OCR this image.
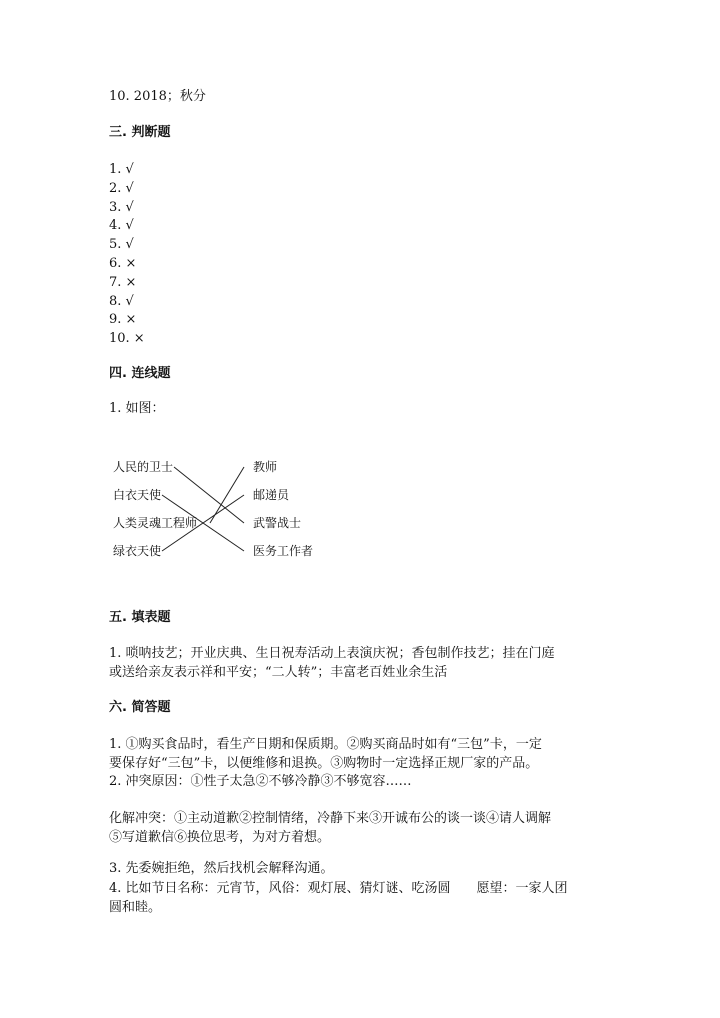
10. 2018；秋分
三. 判断题
1. √
2. √
3. √
4. √
5. √
6. ×
7. ×
8. √
9. ×
10. ×
四. 连线题
1. 如图：
人民的卫士
白衣天使
人类灵魂工程师
绿衣天使
教师
邮递员
武警战士
医务工作者
五. 填表题
1. 唢呐技艺；开业庆典、生日祝寿活动上表演庆祝；香包制作技艺；挂在门庭
或送给亲友表示祥和平安；“二人转”；丰富老百姓业余生活
六. 简答题
1. ①购买食品时，看生产日期和保质期。②购买商品时如有“三包”卡，一定
要保存好“三包”卡，以便维修和退换。③购物时一定选择正规厂家的产品。
2. 冲突原因：①性子太急②不够冷静③不够宽容……
化解冲突：①主动道歉②控制情绪，冷静下来③开诚布公的谈一谈④请人调解
⑤写道歉信⑥换位思考，为对方着想。
3. 先委婉拒绝，然后找机会解释沟通。
4. 比如节日名称：元宵节，风俗：观灯展、猜灯谜、吃汤圆　　愿望：一家人团
圆和睦。
